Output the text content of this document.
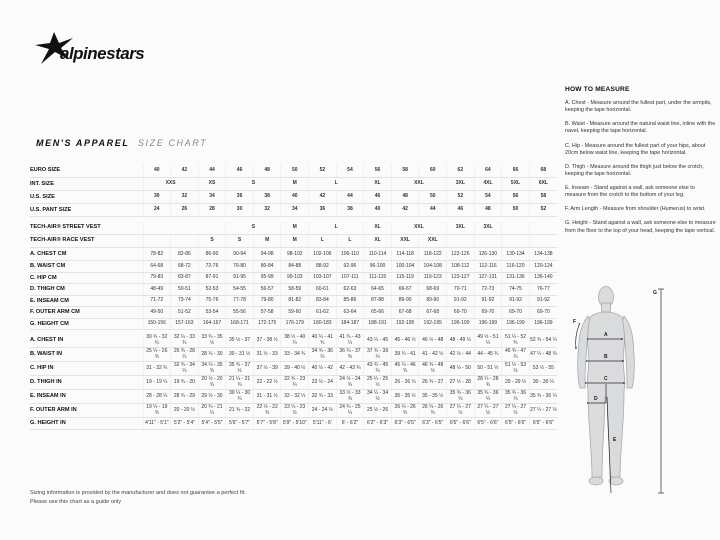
alpinestars
MEN'S APPAREL SIZE CHART
EURO SIZE	40	42	44	46	48	50	52	54	56	58	60	62	64	66	68
INT. SIZE	XXS		XS	S		M	L		XL	XXL		3XL	4XL	5XL	6XL
U.S. SIZE	30	32	34	36	38	40	42	44	46	48	50	52	54	56	58
U.S. PANT SIZE	24	26	28	30	32	34	36	38	40	42	44	46	48	50	52
TECH-AIR® STREET VEST				S		M	L		XL	XXL		3XL	3XL		
TECH-AIR® RACE VEST			S	S	M	M	L	L	XL	XXL	XXL				
A. CHEST CM	78-82	82-86	86-90	90-94	94-98	98-102	102-106	106-110	110-114	114-118	118-122	122-126	126-130	130-134	134-138
B. WAIST CM	64-68	68-72	72-76	76-80	80-84	84-88	88-92	92-96	96-100	100-104	104-108	108-112	112-116	116-120	120-124
C. HIP CM	79-83	83-87	87-91	91-95	95-99	99-103	103-107	107-111	111-115	115-119	119-123	123-127	127-131	131-136	136-140
D. THIGH CM	48-49	50-51	52-53	54-55	56-57	58-59	60-61	62-63	64-65	66-67	68-69	70-71	72-73	74-75	76-77
E. INSEAM CM	71-72	73-74	75-76	77-78	79-80	81-82	83-84	85-86	87-88	89-90	89-90	91-92	91-92	91-92	91-92
F. OUTER ARM CM	49-50	51-52	53-54	55-56	57-58	59-60	61-62	63-64	65-66	67-68	67-68	69-70	69-70	69-70	69-70
G. HEIGHT CM	150-156	157-163	164-167	168-171	172-175	176-179	180-183	184-187	188-191	192-195	192-195	196-199	196-199	196-199	196-199
A. CHEST IN	30 ¾ - 32 ¼	32 ¼ - 33 ¾	33 ¾ - 35 ½	35 ½ - 37	37 - 38 ½	38 ½ - 40 ¼	40 ¼ - 41 ¾	41 ¾ - 43 ¼	43 ¼ - 45	45 - 46 ½	46 ½ - 48	48 - 49 ½	49 ½ - 51 ¼	51 ¼ - 52 ¾	52 ¾ - 54 ¼
B. WAIST IN	25 ¼ - 26 ¾	26 ¾ - 28 ¼	28 ¼ - 30	30 - 31 ½	31 ½ - 33	33 - 34 ¾	34 ¾ - 36 ¼	36 ¼ - 37 ¾	37 ¾ - 39 ¼	39 ¼ - 41	41 - 42 ½	42 ½ - 44	44 - 45 ¾	45 ¾ - 47 ¼	47 ¼ - 48 ¾
C. HIP IN	31 - 32 ¾	32 ¾ - 34 ¼	34 ¼ - 35 ¾	35 ¾ - 37 ½	37 ½ - 39	39 - 40 ½	40 ½ - 42	42 - 43 ¾	43 ¾ - 45 ¼	45 ¼ - 46 ¾	46 ¾ - 48 ½	48 ½ - 50	50 - 51 ½	51 ½ - 53 ½	53 ½ - 55
D. THIGH IN	19 - 19 ¼	19 ¾ - 20	20 ½ - 20 ¾	21 ¼ - 21 ¾	22 - 22 ½	22 ¾ - 23 ¼	23 ½ - 24	24 ½ - 24 ¾	25 ¼ - 25 ½	26 - 26 ¼	26 ¾ - 27	27 ½ - 28	28 ¼ - 28 ¾	29 - 29 ½	30 - 30 ¼
E. INSEAM IN	28 - 28 ¼	28 ¾ - 29	29 ½ - 30	30 ¼ - 30 ¾	31 - 31 ½	32 - 32 ¼	32 ¾ - 33	33 ½ - 33 ¾	34 ¼ - 34 ½	35 - 35 ½	35 - 35 ½	35 ¾ - 36 ¼	35 ¾ - 36 ¼	35 ¾ - 36 ¼	35 ¾ - 36 ¼
F. OUTER ARM IN	19 ¼ - 19 ¾	20 - 20 ½	20 ¾ - 21 ¼	21 ¾ - 22	22 ½ - 22 ¾	23 ¼ - 23 ½	24 - 24 ½	24 ¾ - 25 ¼	25 ½ - 26	26 ¼ - 26 ¾	26 ¼ - 26 ¾	27 ¼ - 27 ½	27 ¼ - 27 ½	27 ¼ - 27 ½	27 ¼ - 27 ½
G. HEIGHT IN	4'11" - 5'1"	5'2" - 5'4"	5'4" - 5'5"	5'6" - 5'7"	5'7" - 5'8"	5'9" - 5'10"	5'11" - 6'	6' - 6'2"	6'2" - 6'3"	6'3" - 6'5"	6'3" - 6'5"	6'5" - 6'6"	6'5" - 6'6"	6'5" - 6'6"	6'5" - 6'6"
HOW TO MEASURE

A. Chest - Measure around the fullest part, under the armpits, keeping the tape horizontal.

B. Waist - Measure around the natural waist line, inline with the navel, keeping the tape horizontal.

C. Hip - Measure around the fullest part of your hips, about 20cm below waist line, keeping the tape horizontal.

D. Thigh - Measure around the thigh just below the crotch, keeping the tape horizontal.

E. Inseam - Stand against a wall, ask someone else to measure from the crotch to the bottom of your leg.

F. Arm Length - Measure from shoulder (Humerus) to wrist.

G. Height - Stand against a wall, ask someone else to measure from the floor to the top of your head, keeping the tape vertical.

A
B
C
D
E
F
G
Sizing information is provided by the manufacturer and does not guarantee a perfect fit.
Please use this chart as a guide only
